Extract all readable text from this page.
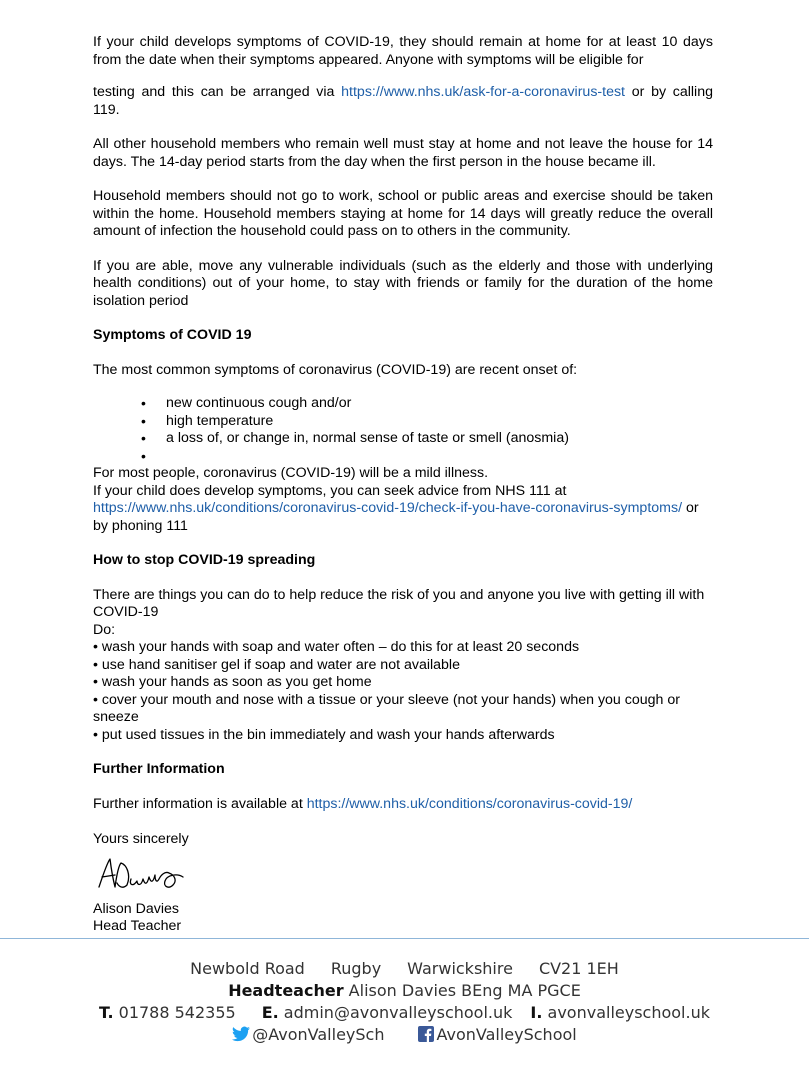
If your child develops symptoms of COVID-19, they should remain at home for at least 10 days from the date when their symptoms appeared. Anyone with symptoms will be eligible for

testing and this can be arranged via https://www.nhs.uk/ask-for-a-coronavirus-test or by calling 119.

All other household members who remain well must stay at home and not leave the house for 14 days. The 14-day period starts from the day when the first person in the house became ill.

Household members should not go to work, school or public areas and exercise should be taken within the home. Household members staying at home for 14 days will greatly reduce the overall amount of infection the household could pass on to others in the community.

If you are able, move any vulnerable individuals (such as the elderly and those with underlying health conditions) out of your home, to stay with friends or family for the duration of the home isolation period

Symptoms of COVID 19

The most common symptoms of coronavirus (COVID-19) are recent onset of:

• new continuous cough and/or
• high temperature
• a loss of, or change in, normal sense of taste or smell (anosmia)
•

For most people, coronavirus (COVID-19) will be a mild illness.

If your child does develop symptoms, you can seek advice from NHS 111 at

https://www.nhs.uk/conditions/coronavirus-covid-19/check-if-you-have-coronavirus-symptoms/ or by phoning 111

How to stop COVID-19 spreading

There are things you can do to help reduce the risk of you and anyone you live with getting ill with COVID-19

Do:

• wash your hands with soap and water often – do this for at least 20 seconds

• use hand sanitiser gel if soap and water are not available

• wash your hands as soon as you get home

• cover your mouth and nose with a tissue or your sleeve (not your hands) when you cough or sneeze

• put used tissues in the bin immediately and wash your hands afterwards

Further Information

Further information is available at https://www.nhs.uk/conditions/coronavirus-covid-19/

Yours sincerely

Alison Davies

Head Teacher

Newbold Road Rugby Warwickshire CV21 1EH
Headteacher Alison Davies BEng MA PGCE
T. 01788 542355 E. admin@avonvalleyschool.uk I. avonvalleyschool.uk
@AvonValleySch	AvonValleySchool
